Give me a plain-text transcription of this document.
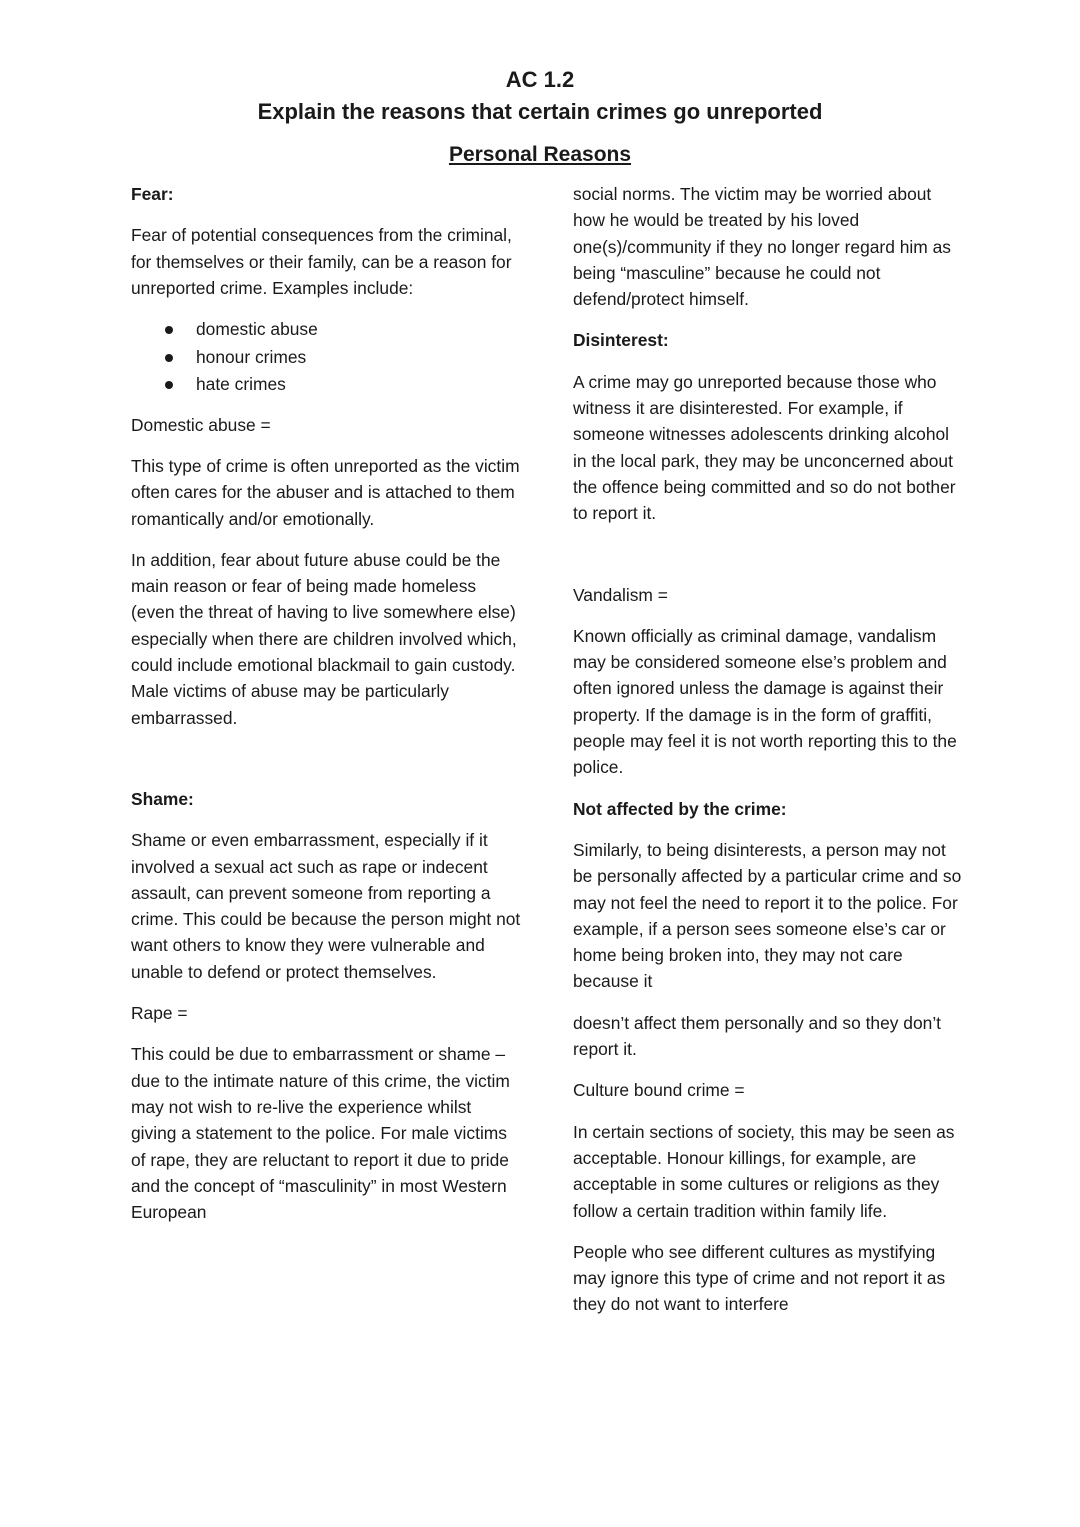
AC 1.2

Explain the reasons that certain crimes go unreported

Personal Reasons

Fear:

Fear of potential consequences from the criminal, for themselves or their family, can be a reason for unreported crime. Examples include:

domestic abuse
honour crimes
hate crimes

Domestic abuse =

This type of crime is often unreported as the victim often cares for the abuser and is attached to them romantically and/or emotionally.

In addition, fear about future abuse could be the main reason or fear of being made homeless (even the threat of having to live somewhere else) especially when there are children involved which, could include emotional blackmail to gain custody. Male victims of abuse may be particularly embarrassed.

Shame:

Shame or even embarrassment, especially if it involved a sexual act such as rape or indecent assault, can prevent someone from reporting a crime. This could be because the person might not want others to know they were vulnerable and unable to defend or protect themselves.

Rape =

This could be due to embarrassment or shame – due to the intimate nature of this crime, the victim may not wish to re-live the experience whilst giving a statement to the police. For male victims of rape, they are reluctant to report it due to pride and the concept of “masculinity” in most Western European

social norms. The victim may be worried about how he would be treated by his loved one(s)/community if they no longer regard him as being “masculine” because he could not defend/protect himself.

Disinterest:

A crime may go unreported because those who witness it are disinterested. For example, if someone witnesses adolescents drinking alcohol in the local park, they may be unconcerned about the offence being committed and so do not bother to report it.

Vandalism =

Known officially as criminal damage, vandalism may be considered someone else’s problem and often ignored unless the damage is against their property. If the damage is in the form of graffiti, people may feel it is not worth reporting this to the police.

Not affected by the crime:

Similarly, to being disinterests, a person may not be personally affected by a particular crime and so may not feel the need to report it to the police. For example, if a person sees someone else’s car or home being broken into, they may not care because it

doesn’t affect them personally and so they don’t report it.

Culture bound crime =

In certain sections of society, this may be seen as acceptable. Honour killings, for example, are acceptable in some cultures or religions as they follow a certain tradition within family life.

People who see different cultures as mystifying may ignore this type of crime and not report it as they do not want to interfere
